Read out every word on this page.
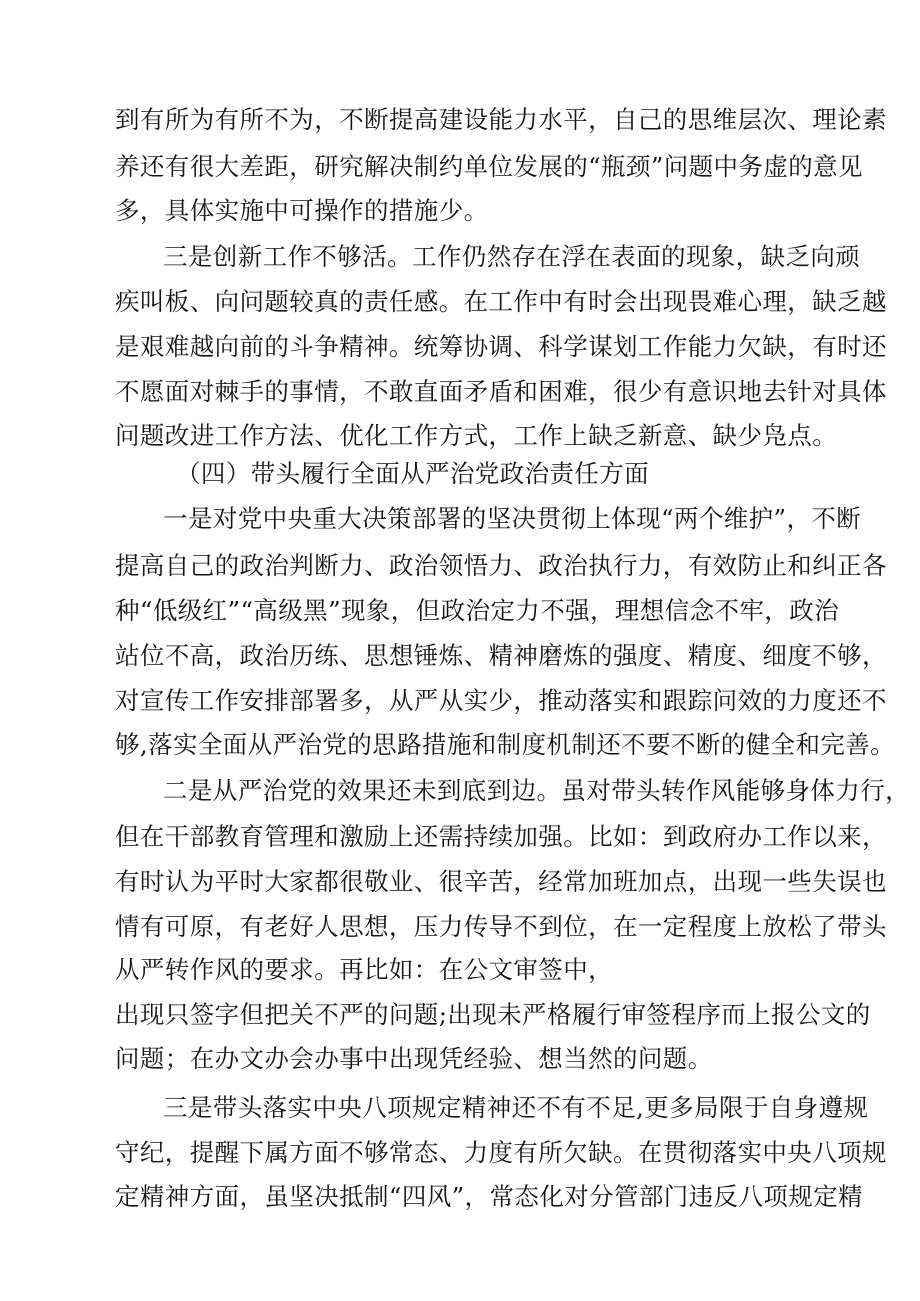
到有所为有所不为，不断提高建设能力水平，自己的思维层次、理论素
养还有很大差距，研究解决制约单位发展的“瓶颈”问题中务虚的意见
多，具体实施中可操作的措施少。
三是创新工作不够活。工作仍然存在浮在表面的现象，缺乏向顽
疾叫板、向问题较真的责任感。在工作中有时会出现畏难心理，缺乏越
是艰难越向前的斗争精神。统筹协调、科学谋划工作能力欠缺，有时还
不愿面对棘手的事情，不敢直面矛盾和困难，很少有意识地去针对具体
问题改进工作方法、优化工作方式，工作上缺乏新意、缺少凫点。
（四）带头履行全面从严治党政治责任方面
一是对党中央重大决策部署的坚决贯彻上体现“两个维护”，不断
提高自己的政治判断力、政治领悟力、政治执行力，有效防止和纠正各
种“低级红”“高级黑”现象，但政治定力不强，理想信念不牢，政治
站位不高，政治历练、思想锤炼、精神磨炼的强度、精度、细度不够，
对宣传工作安排部署多，从严从实少，推动落实和跟踪问效的力度还不
够,落实全面从严治党的思路措施和制度机制还不要不断的健全和完善。
二是从严治党的效果还未到底到边。虽对带头转作风能够身体力行，
但在干部教育管理和激励上还需持续加强。比如：到政府办工作以来，
有时认为平时大家都很敬业、很辛苦，经常加班加点，出现一些失误也
情有可原，有老好人思想，压力传导不到位，在一定程度上放松了带头
从严转作风的要求。再比如：在公文审签中，
出现只签字但把关不严的问题;出现未严格履行审签程序而上报公文的
问题；在办文办会办事中出现凭经验、想当然的问题。
三是带头落实中央八项规定精神还不有不足,更多局限于自身遵规
守纪，提醒下属方面不够常态、力度有所欠缺。在贯彻落实中央八项规
定精神方面，虽坚决抵制“四风”，常态化对分管部门违反八项规定精
